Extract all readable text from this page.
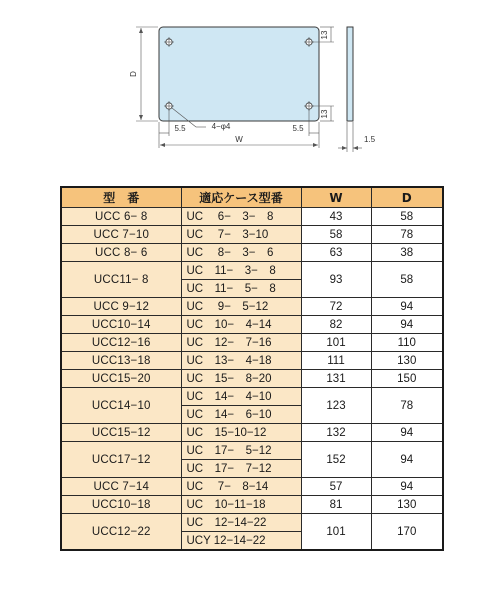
D
W
5.5	5.5
4−φ4
13
13
1.5
型　番	適応ケース型番	W	D
UCC 6− 8	UC　 6−　3−　8	43	58
UCC 7−10	UC　 7−　3−10	58	78
UCC 8− 6	UC　 8−　3−　6	63	38
UCC11− 8	UC　11−　3−　8	93	58
	UC　11−　5−　8		
UCC 9−12	UC　 9−　5−12	72	94
UCC10−14	UC　10−　4−14	82	94
UCC12−16	UC　12−　7−16	101	110
UCC13−18	UC　13−　4−18	111	130
UCC15−20	UC　15−　8−20	131	150
UCC14−10	UC　14−　4−10	123	78
	UC　14−　6−10		
UCC15−12	UC　15−10−12	132	94
UCC17−12	UC　17−　5−12	152	94
	UC　17−　7−12		
UCC 7−14	UC　 7−　8−14	57	94
UCC10−18	UC　10−11−18	81	130
UCC12−22	UC　12−14−22	101	170
	UCY 12−14−22		
